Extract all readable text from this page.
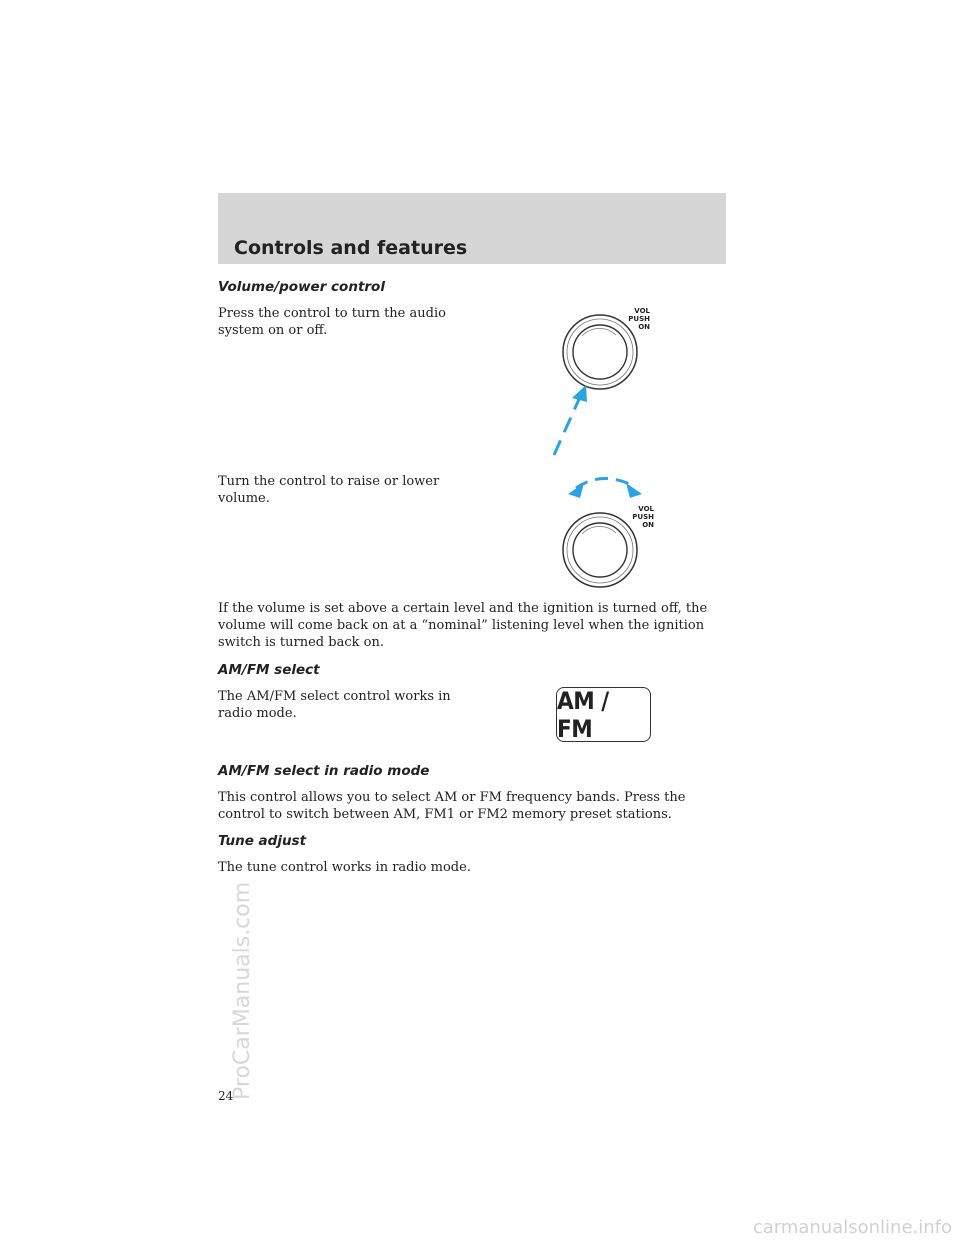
Controls and features
Volume/power control

Press the control to turn the audio system on or off.

Turn the control to raise or lower volume.

If the volume is set above a certain level and the ignition is turned off, the volume will come back on at a “nominal” listening level when the ignition switch is turned back on.

VOL
PUSH
ON
VOL
PUSH
ON
AM/FM select

The AM/FM select control works in radio mode.	AM / FM
AM/FM select in radio mode

This control allows you to select AM or FM frequency bands. Press the control to switch between AM, FM1 or FM2 memory preset stations.

Tune adjust

The tune control works in radio mode.

24

ProCarManuals.com
carmanualsonline.info
